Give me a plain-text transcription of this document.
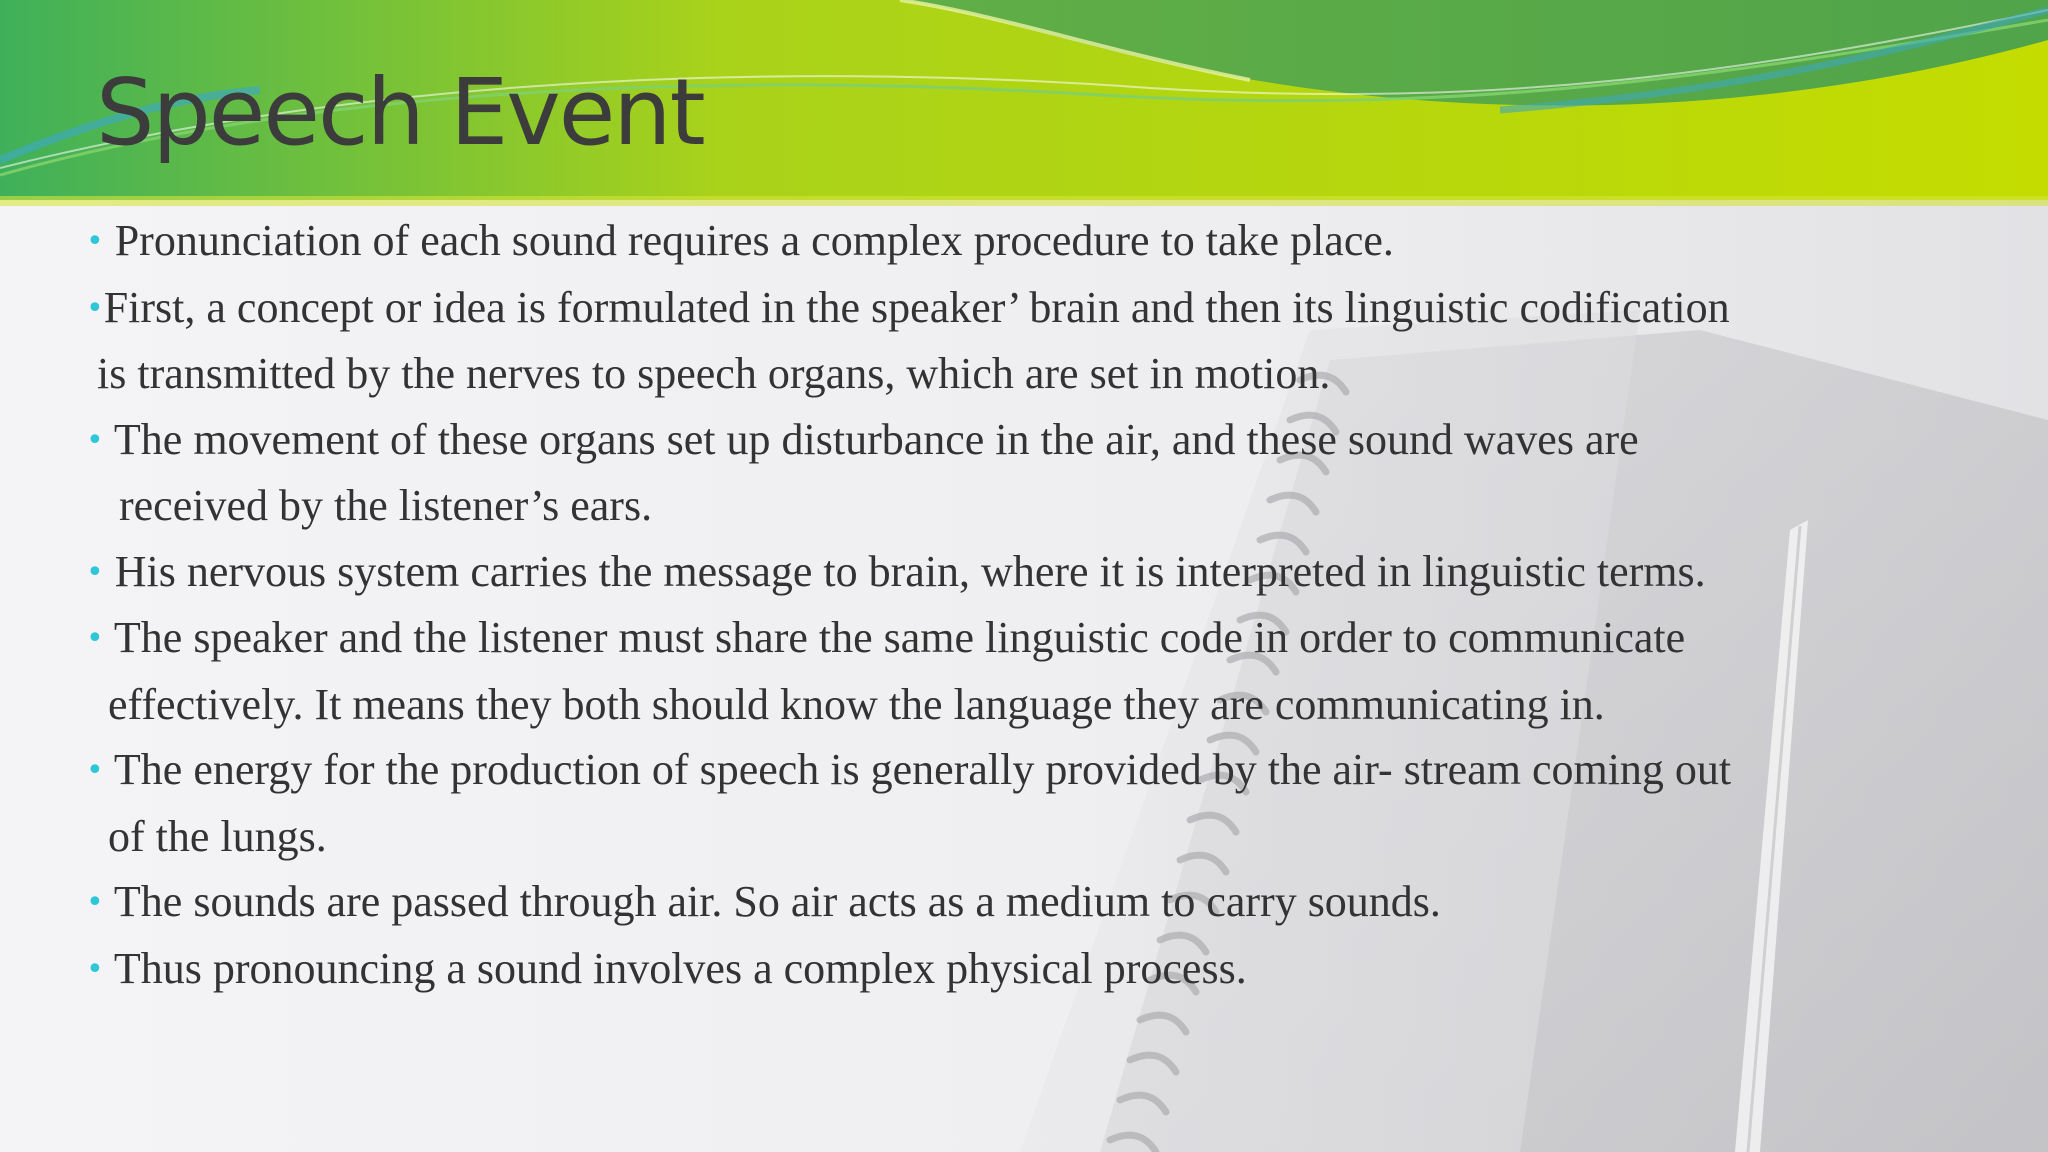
Speech Event
• Pronunciation of each sound requires a complex procedure to take place.
•First, a concept or idea is formulated in the speaker’ brain and then its linguistic codification
is transmitted by the nerves to speech organs, which are set in motion.
• The movement of these organs set up disturbance in the air, and these sound waves are
received by the listener’s ears.
• His nervous system carries the message to brain, where it is interpreted in linguistic terms.
• The speaker and the listener must share the same linguistic code in order to communicate
effectively. It means they both should know the language they are communicating in.
• The energy for the production of speech is generally provided by the air- stream coming out
of the lungs.
• The sounds are passed through air. So air acts as a medium to carry sounds.
• Thus pronouncing a sound involves a complex physical process.
